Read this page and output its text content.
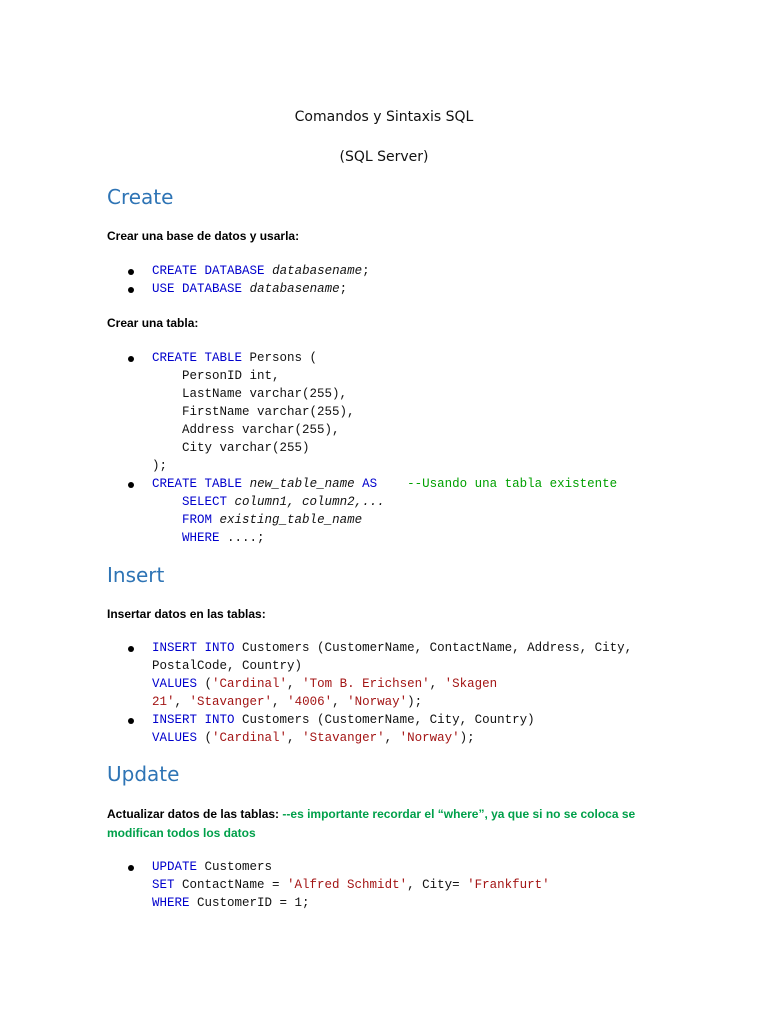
Comandos y Sintaxis SQL
(SQL Server)
Create
Crear una base de datos y usarla:
CREATE DATABASE databasename;
USE DATABASE databasename;
Crear una tabla:
CREATE TABLE Persons (
PersonID int,
LastName varchar(255),
FirstName varchar(255),
Address varchar(255),
City varchar(255)
);
CREATE TABLE new_table_name AS --Usando una tabla existente
SELECT column1, column2,...
FROM existing_table_name
WHERE ....;
Insert
Insertar datos en las tablas:
INSERT INTO Customers (CustomerName, ContactName, Address, City,
PostalCode, Country)
VALUES ('Cardinal', 'Tom B. Erichsen', 'Skagen
21', 'Stavanger', '4006', 'Norway');
INSERT INTO Customers (CustomerName, City, Country)
VALUES ('Cardinal', 'Stavanger', 'Norway');
Update
Actualizar datos de las tablas: --es importante recordar el “where”, ya que si no se coloca se
modifican todos los datos
UPDATE Customers
SET ContactName = 'Alfred Schmidt', City= 'Frankfurt'
WHERE CustomerID = 1;
